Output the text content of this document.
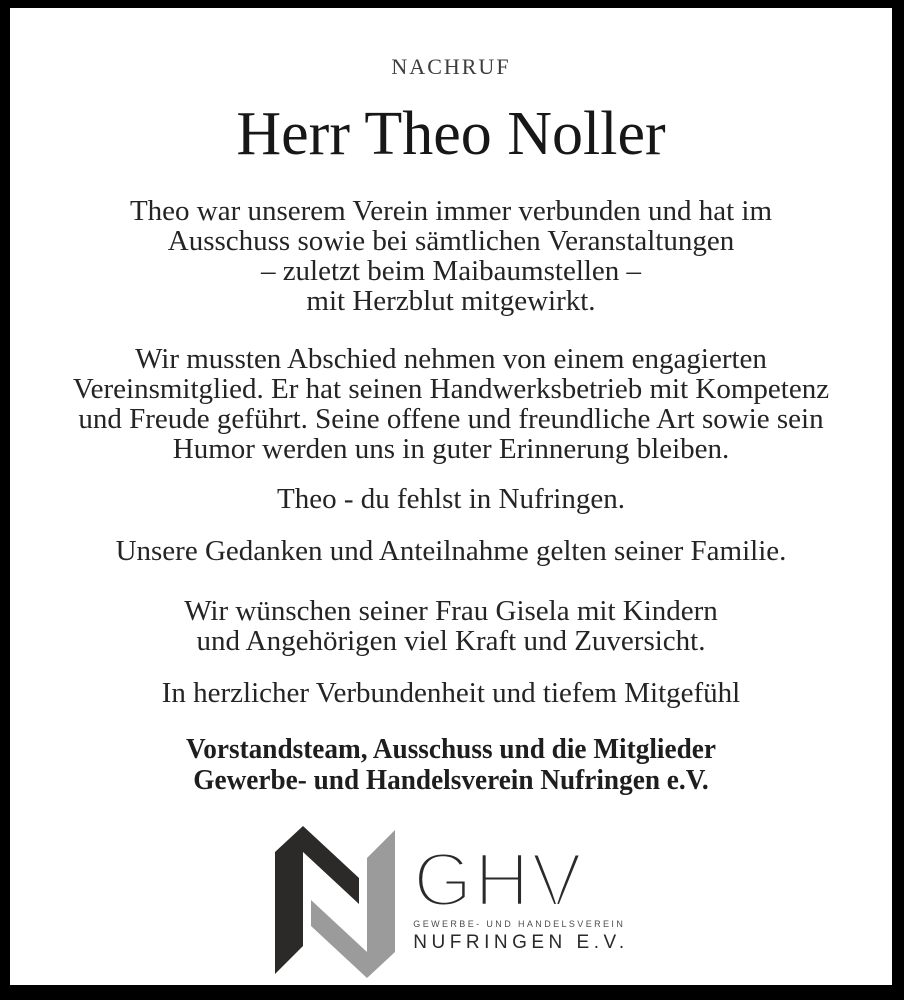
NACHRUF
Herr Theo Noller
Theo war unserem Verein immer verbunden und hat im
Ausschuss sowie bei sämtlichen Veranstaltungen
– zuletzt beim Maibaumstellen –
mit Herzblut mitgewirkt.
Wir mussten Abschied nehmen von einem engagierten
Vereinsmitglied. Er hat seinen Handwerksbetrieb mit Kompetenz
und Freude geführt. Seine offene und freundliche Art sowie sein
Humor werden uns in guter Erinnerung bleiben.
Theo - du fehlst in Nufringen.
Unsere Gedanken und Anteilnahme gelten seiner Familie.
Wir wünschen seiner Frau Gisela mit Kindern
und Angehörigen viel Kraft und Zuversicht.
In herzlicher Verbundenheit und tiefem Mitgefühl
Vorstandsteam, Ausschuss und die Mitglieder
Gewerbe- und Handelsverein Nufringen e.V.
GHV
GEWERBE- UND HANDELSVEREIN
NUFRINGEN E.V.
